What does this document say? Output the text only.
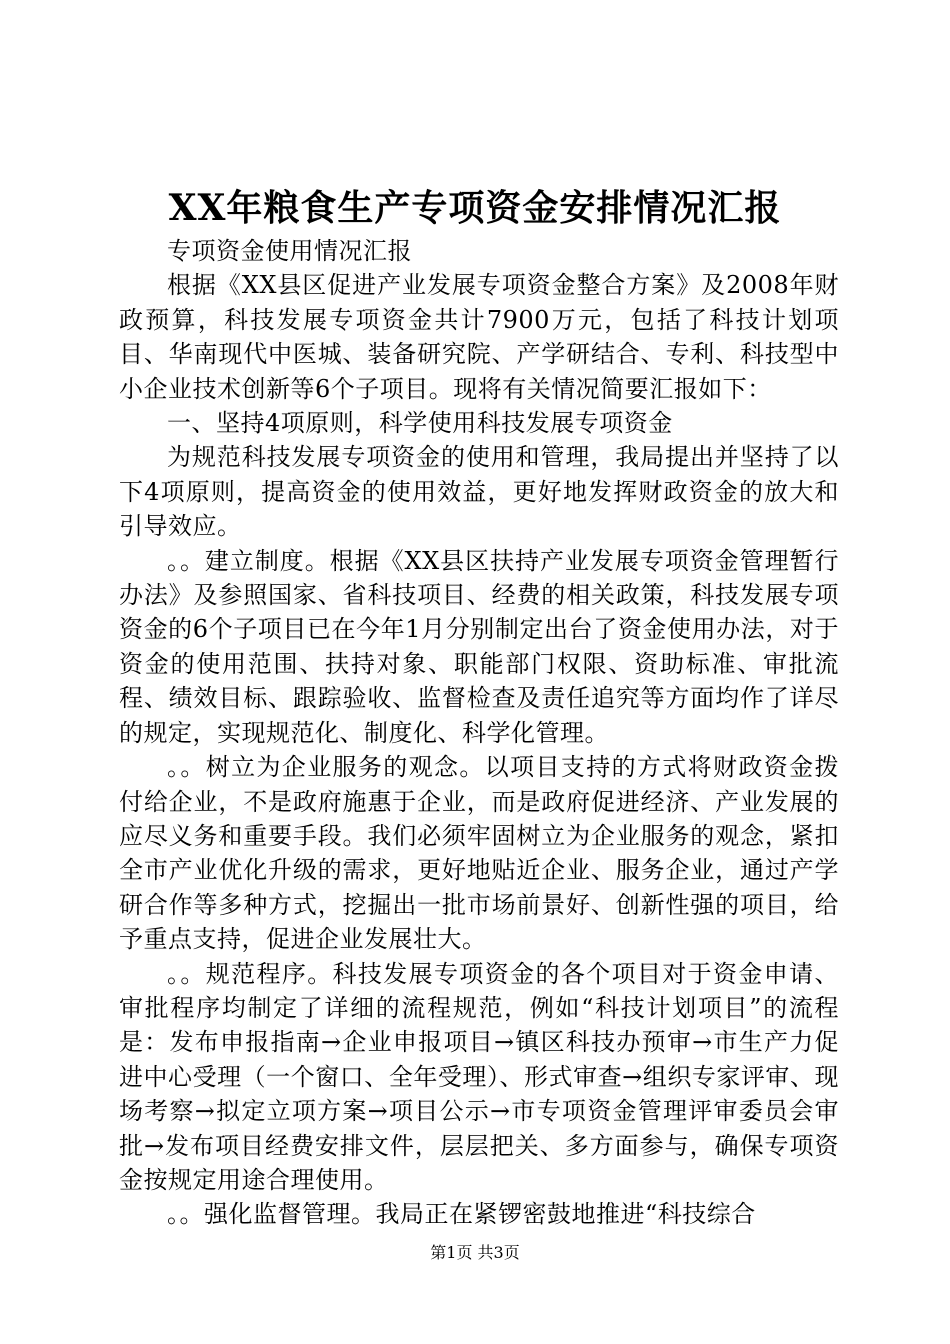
XX年粮食生产专项资金安排情况汇报

专项资金使用情况汇报

根据《XX县区促进产业发展专项资金整合方案》及2008年财政预算，科技发展专项资金共计7900万元，包括了科技计划项目、华南现代中医城、装备研究院、产学研结合、专利、科技型中小企业技术创新等6个子项目。现将有关情况简要汇报如下：

一、坚持4项原则，科学使用科技发展专项资金

为规范科技发展专项资金的使用和管理，我局提出并坚持了以下4项原则，提高资金的使用效益，更好地发挥财政资金的放大和引导效应。

。。建立制度。根据《XX县区扶持产业发展专项资金管理暂行办法》及参照国家、省科技项目、经费的相关政策，科技发展专项资金的6个子项目已在今年1月分别制定出台了资金使用办法，对于资金的使用范围、扶持对象、职能部门权限、资助标准、审批流程、绩效目标、跟踪验收、监督检查及责任追究等方面均作了详尽的规定，实现规范化、制度化、科学化管理。

。。树立为企业服务的观念。以项目支持的方式将财政资金拨付给企业，不是政府施惠于企业，而是政府促进经济、产业发展的应尽义务和重要手段。我们必须牢固树立为企业服务的观念，紧扣全市产业优化升级的需求，更好地贴近企业、服务企业，通过产学研合作等多种方式，挖掘出一批市场前景好、创新性强的项目，给予重点支持，促进企业发展壮大。

。。规范程序。科技发展专项资金的各个项目对于资金申请、审批程序均制定了详细的流程规范，例如“科技计划项目”的流程是：发布申报指南→企业申报项目→镇区科技办预审→市生产力促进中心受理（一个窗口、全年受理）、形式审查→组织专家评审、现场考察→拟定立项方案→项目公示→市专项资金管理评审委员会审批→发布项目经费安排文件，层层把关、多方面参与，确保专项资金按规定用途合理使用。

。。强化监督管理。我局正在紧锣密鼓地推进“科技综合

第1页 共3页
